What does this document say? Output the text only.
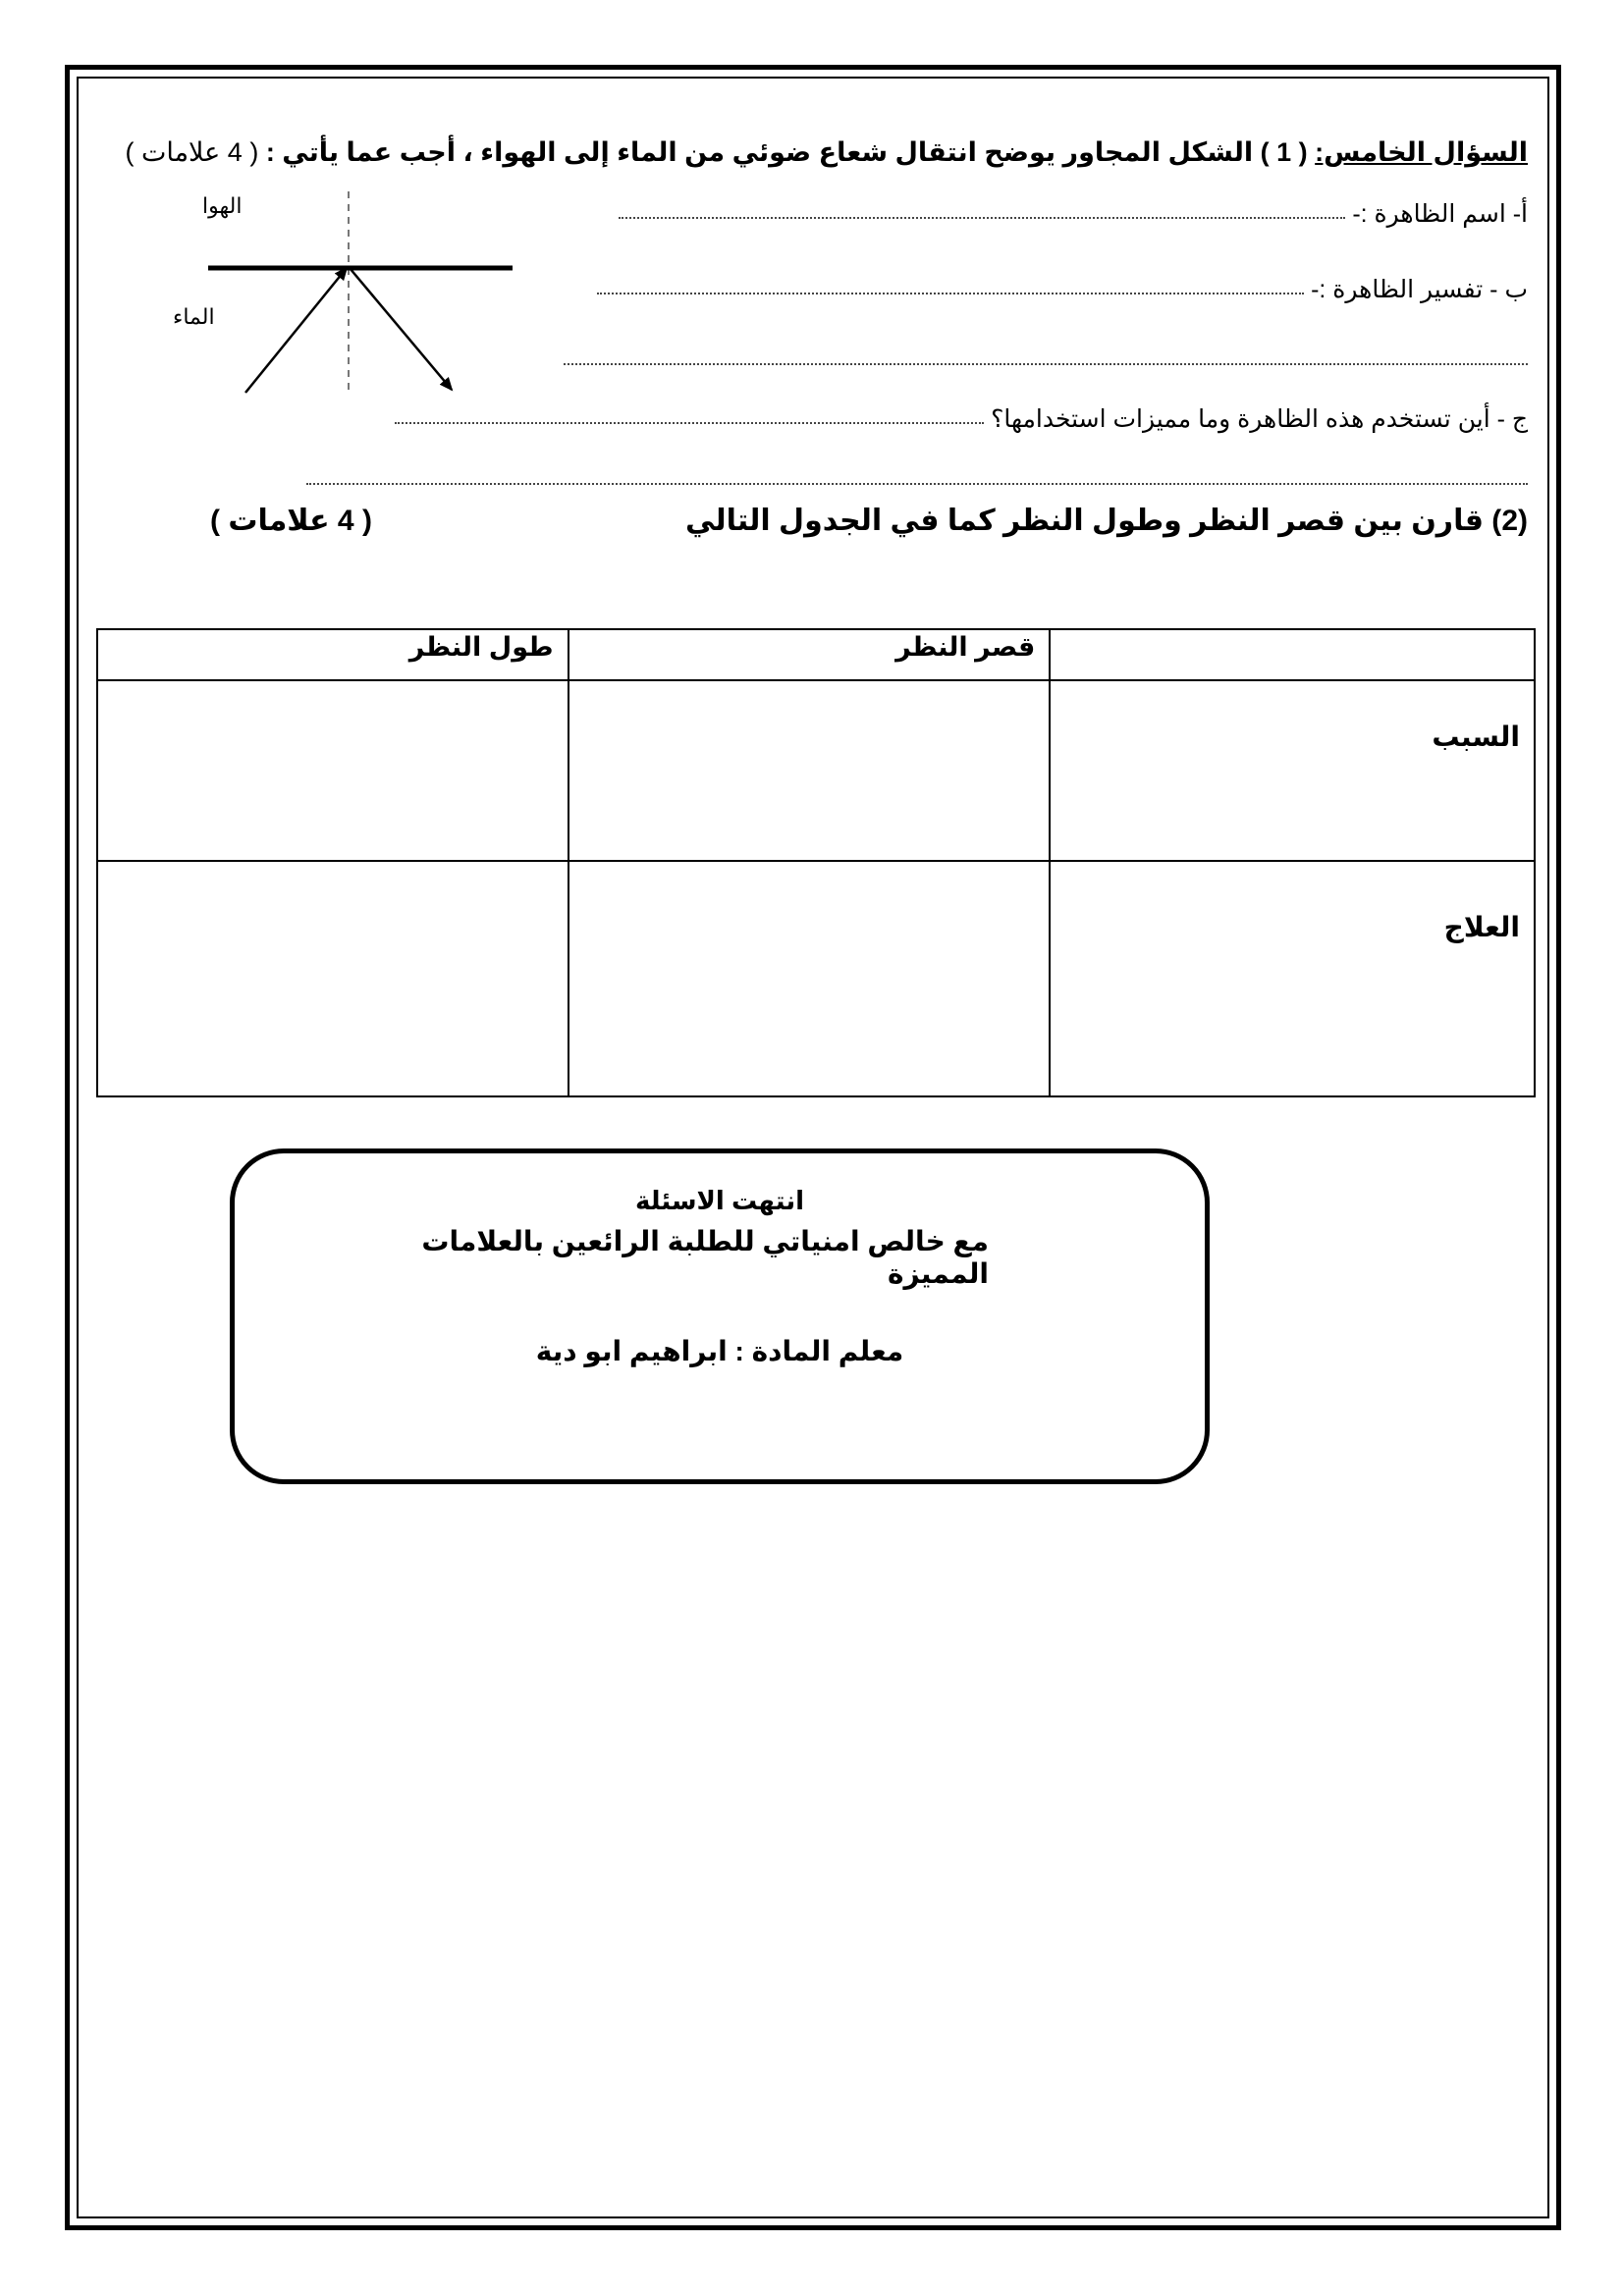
السؤال الخامس: ( 1 ) الشكل المجاور يوضح انتقال شعاع ضوئي من الماء إلى الهواء ، أجب عما يأتي : ( 4 علامات )
أ- اسم الظاهرة :-
ب - تفسير الظاهرة :-
ج - أين تستخدم هذه الظاهرة وما مميزات استخدامها؟
الهوا
الماء
(2) قارن بين قصر النظر وطول النظر كما في الجدول التالي
( 4 علامات )
	قصر النظر	طول النظر
السبب		
العلاج		
انتهت الاسئلة
مع خالص امنياتي للطلبة الرائعين بالعلامات المميزة
معلم المادة : ابراهيم ابو دية
